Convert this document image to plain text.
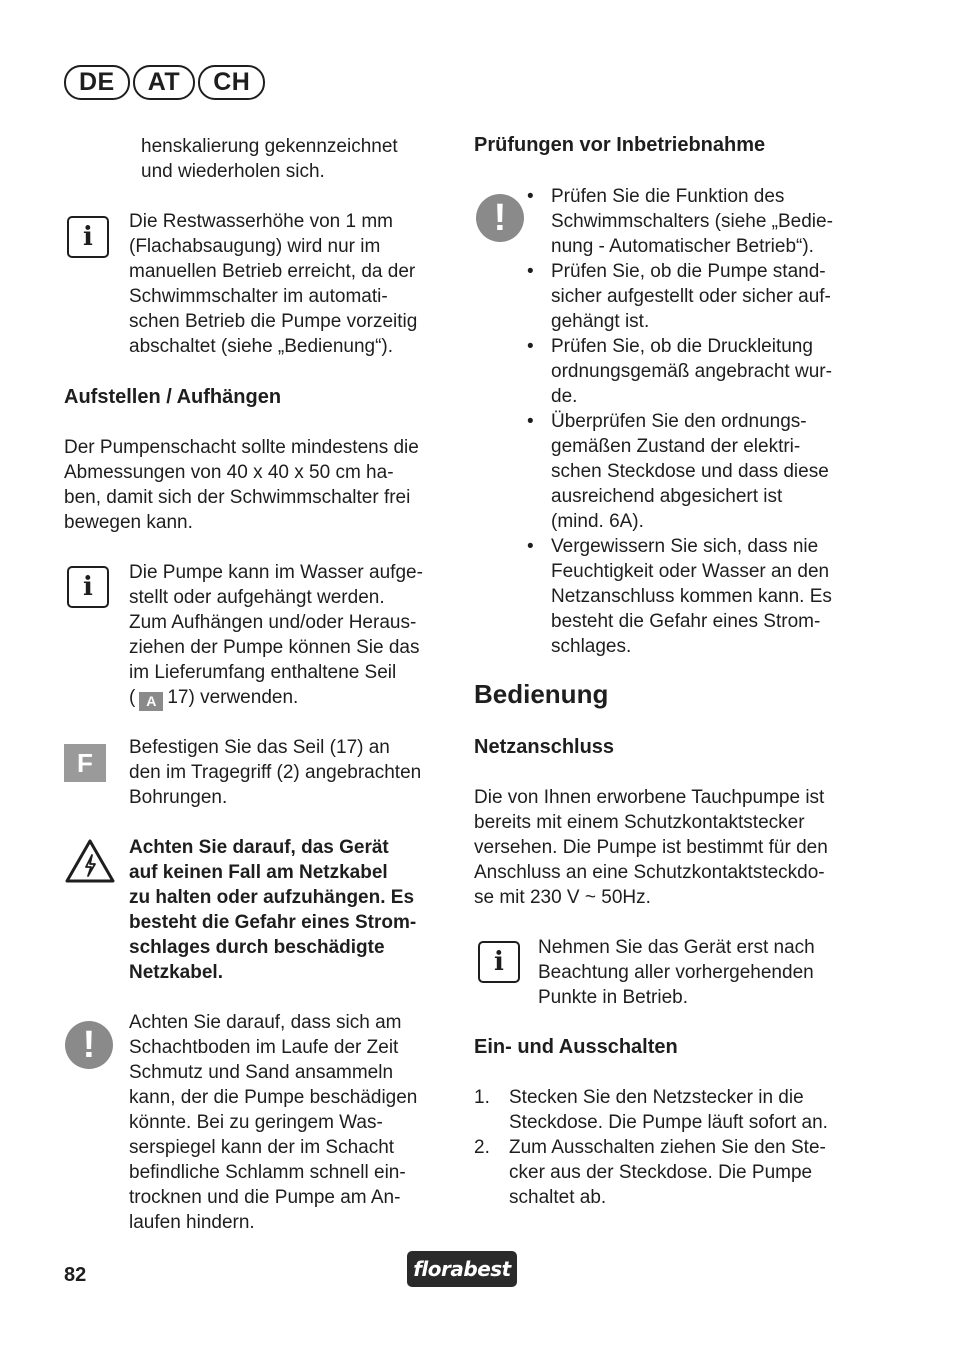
DE	AT	CH
henskalierung gekennzeichnet
und wiederholen sich.
i
Die Restwasserhöhe von 1 mm
(Flachabsaugung) wird nur im
manuellen Betrieb erreicht, da der
Schwimmschalter im automati-
schen Betrieb die Pumpe vorzeitig
abschaltet (siehe „Bedienung“).
Aufstellen / Aufhängen
Der Pumpenschacht sollte mindestens die
Abmessungen von 40 x 40 x 50 cm ha-
ben, damit sich der Schwimmschalter frei
bewegen kann.
i Die Pumpe kann im Wasser aufge-
stellt oder aufgehängt werden.
Zum Aufhängen und/oder Heraus-
ziehen der Pumpe können Sie das
im Lieferumfang enthaltene Seil
( A 17) verwenden.
F
Befestigen Sie das Seil (17) an
den im Tragegriff (2) angebrachten
Bohrungen.
Achten Sie darauf, das Gerät
auf keinen Fall am Netzkabel
zu halten oder aufzuhängen. Es
besteht die Gefahr eines Strom-
schlages durch beschädigte
Netzkabel.
!
Achten Sie darauf, dass sich am
Schachtboden im Laufe der Zeit
Schmutz und Sand ansammeln
kann, der die Pumpe beschädigen
könnte. Bei zu geringem Was-
serspiegel kann der im Schacht
befindliche Schlamm schnell ein-
trocknen und die Pumpe am An-
laufen hindern.
Prüfungen vor Inbetriebnahme
!
• Prüfen Sie die Funktion des
Schwimmschalters (siehe „Bedie-
nung - Automatischer Betrieb“).
• Prüfen Sie, ob die Pumpe stand-
sicher aufgestellt oder sicher auf-
gehängt ist.
• Prüfen Sie, ob die Druckleitung
ordnungsgemäß angebracht wur-
de.
• Überprüfen Sie den ordnungs-
gemäßen Zustand der elektri-
schen Steckdose und dass diese
ausreichend abgesichert ist
(mind. 6A).
• Vergewissern Sie sich, dass nie
Feuchtigkeit oder Wasser an den
Netzanschluss kommen kann. Es
besteht die Gefahr eines Strom-
schlages.
Bedienung
Netzanschluss
Die von Ihnen erworbene Tauchpumpe ist
bereits mit einem Schutzkontaktstecker
versehen. Die Pumpe ist bestimmt für den
Anschluss an eine Schutzkontaktsteckdo-
se mit 230 V ~ 50Hz.
i Nehmen Sie das Gerät erst nach
Beachtung aller vorhergehenden
Punkte in Betrieb.
Ein- und Ausschalten
1. Stecken Sie den Netzstecker in die
Steckdose. Die Pumpe läuft sofort an.
2. Zum Ausschalten ziehen Sie den Ste-
cker aus der Steckdose. Die Pumpe
schaltet ab.
82	florabest
